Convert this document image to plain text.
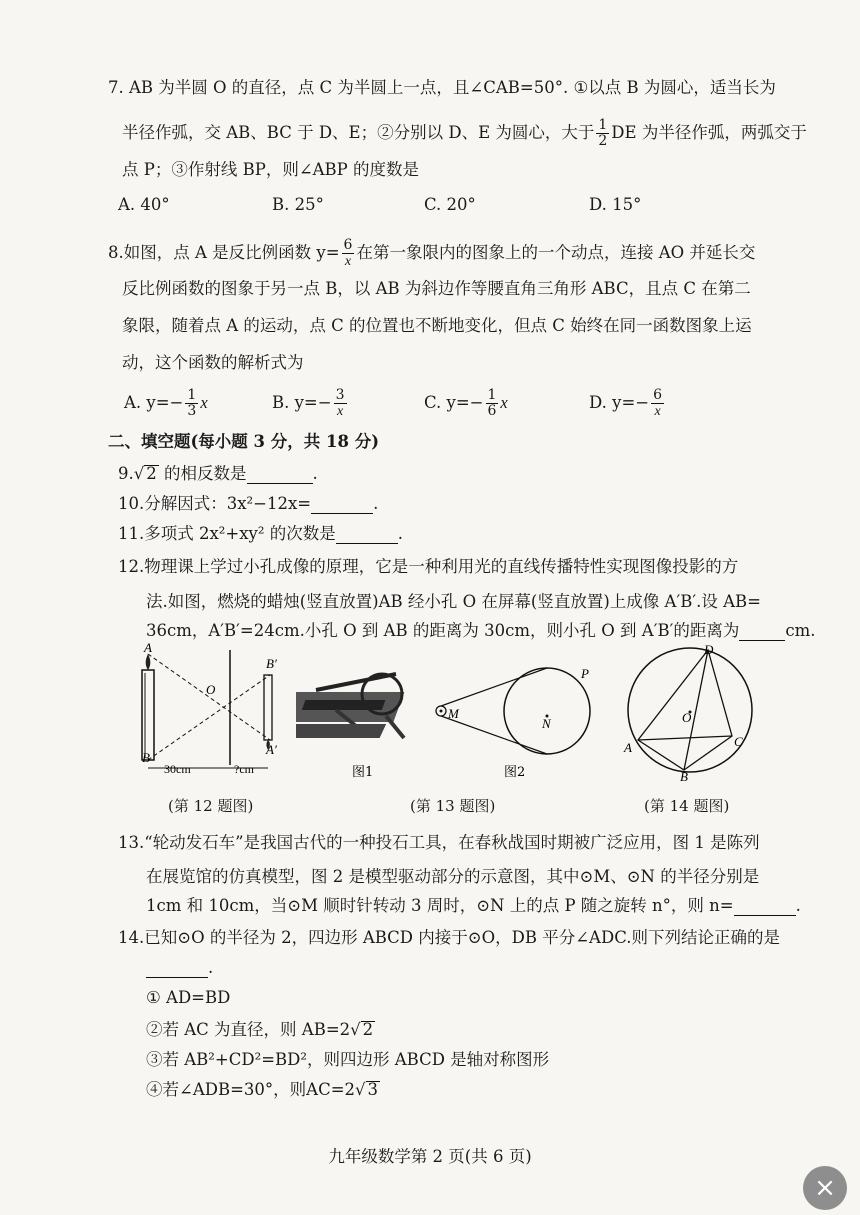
7. AB 为半圆 O 的直径，点 C 为半圆上一点，且∠CAB=50°. ①以点 B 为圆心，适当长为
半径作弧，交 AB、BC 于 D、E；②分别以 D、E 为圆心，大于 $\frac{1}{2}$ DE 为半径作弧，两弧交于
点 P；③作射线 BP，则∠ABP 的度数是
A. 40°	B. 25°	C. 20°	D. 15°
8.如图，点 A 是反比例函数 $y= \frac{6}{x}$ 在第一象限内的图象上的一个动点，连接 AO 并延长交
反比例函数的图象于另一点 B，以 AB 为斜边作等腰直角三角形 ABC，且点 C 在第二
象限，随着点 A 的运动，点 C 的位置也不断地变化，但点 C 始终在同一函数图象上运
动，这个函数的解析式为
A. $y=- \frac{1}{3}$ x	B. $y=- \frac{3}{x}$	C. $y=- \frac{1}{6}$ x	D. $y=- \frac{6}{x}$
二、填空题(每小题 3 分，共 18 分)
9.√ 2 的相反数是	.
10.分解因式：3x²−12x=	.
11.多项式 2x²+xy² 的次数是	.
12.物理课上学过小孔成像的原理，它是一种利用光的直线传播特性实现图像投影的方
法.如图，燃烧的蜡烛(竖直放置)AB 经小孔 O 在屏幕(竖直放置)上成像 A′B′.设 AB=
36cm，A′B′=24cm.小孔 O 到 AB 的距离为 30cm，则小孔 O 到 A′B′的距离为	cm.
A
B
O
B′
A′
30cm	?cm
M
N
P
图1	图2
O
D
A
B
C
(第 12 题图)	(第 13 题图)	(第 14 题图)
13.“轮动发石车”是我国古代的一种投石工具，在春秋战国时期被广泛应用，图 1 是陈列
在展览馆的仿真模型，图 2 是模型驱动部分的示意图，其中⊙M、⊙N 的半径分别是
1cm 和 10cm，当⊙M 顺时针转动 3 周时，⊙N 上的点 P 随之旋转 n°，则 n=	.
14.已知⊙O 的半径为 2，四边形 ABCD 内接于⊙O，DB 平分∠ADC.则下列结论正确的是
.
① AD=BD
②若 AC 为直径，则 AB=2√ 2
③若 AB²+CD²=BD²，则四边形 ABCD 是轴对称图形
④若∠ADB=30°，则AC=2√ 3
九年级数学第 2 页(共 6 页)
×
